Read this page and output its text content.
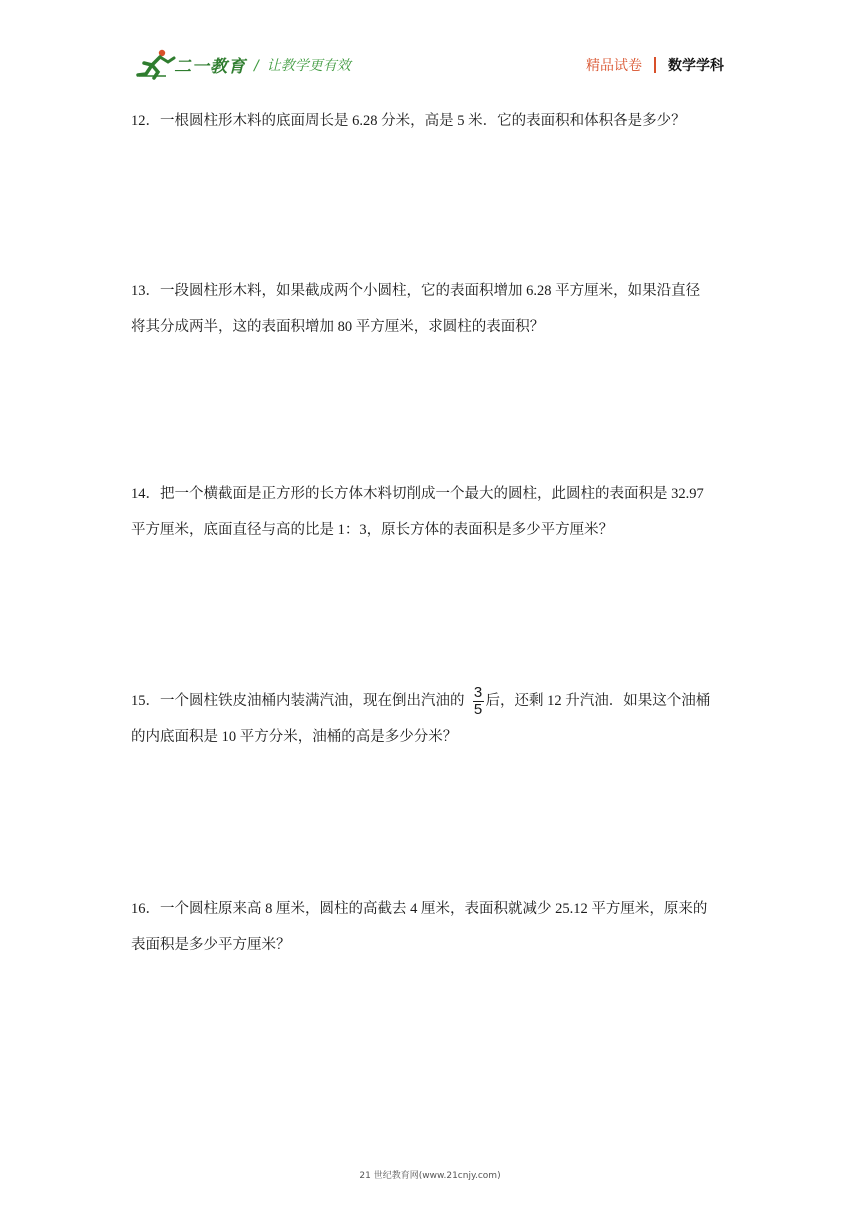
二一教育 / 让教学更有效	精品试卷 数学学科
12．一根圆柱形木料的底面周长是 6.28 分米，高是 5 米．它的表面积和体积各是多少？
13．一段圆柱形木料，如果截成两个小圆柱，它的表面积增加 6.28 平方厘米，如果沿直径
将其分成两半，这的表面积增加 80 平方厘米，求圆柱的表面积？
14．把一个横截面是正方形的长方体木料切削成一个最大的圆柱，此圆柱的表面积是 32.97
平方厘米，底面直径与高的比是 1：3，原长方体的表面积是多少平方厘米？
15．一个圆柱铁皮油桶内装满汽油，现在倒出汽油的 $\frac{3}{5}$ 后，还剩 12 升汽油．如果这个油桶
的内底面积是 10 平方分米，油桶的高是多少分米？
16．一个圆柱原来高 8 厘米，圆柱的高截去 4 厘米，表面积就减少 25.12 平方厘米，原来的
表面积是多少平方厘米？
21 世纪教育网(www.21cnjy.com)
